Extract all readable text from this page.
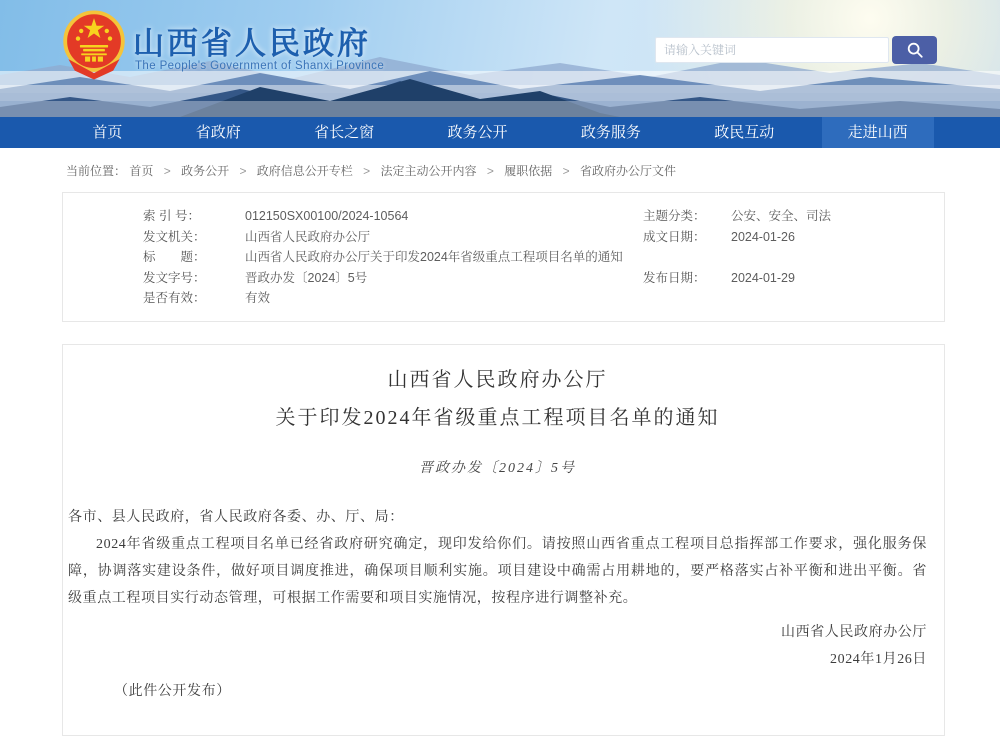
山西省人民政府
The People's Government of Shanxi Province
请输入关键词
首页	省政府	省长之窗	政务公开	政务服务	政民互动	走进山西
当前位置： 首页 > 政务公开 > 政府信息公开专栏 > 法定主动公开内容 > 履职依据 > 省政府办公厅文件
索 引 号：	012150SX00100/2024-10564	主题分类：	公安、安全、司法
发文机关：	山西省人民政府办公厅	成文日期：	2024-01-26
标　　题：	山西省人民政府办公厅关于印发2024年省级重点工程项目名单的通知
发文字号：	晋政办发〔2024〕5号	发布日期：	2024-01-29
是否有效：	有效
山西省人民政府办公厅
关于印发2024年省级重点工程项目名单的通知
晋政办发〔2024〕5号
各市、县人民政府，省人民政府各委、办、厅、局：
2024年省级重点工程项目名单已经省政府研究确定，现印发给你们。请按照山西省重点工程项目总指挥部工作要求，强化服务保障，协调落实建设条件，做好项目调度推进，确保项目顺利实施。项目建设中确需占用耕地的，要严格落实占补平衡和进出平衡。省级重点工程项目实行动态管理，可根据工作需要和项目实施情况，按程序进行调整补充。
山西省人民政府办公厅
2024年1月26日
（此件公开发布）
